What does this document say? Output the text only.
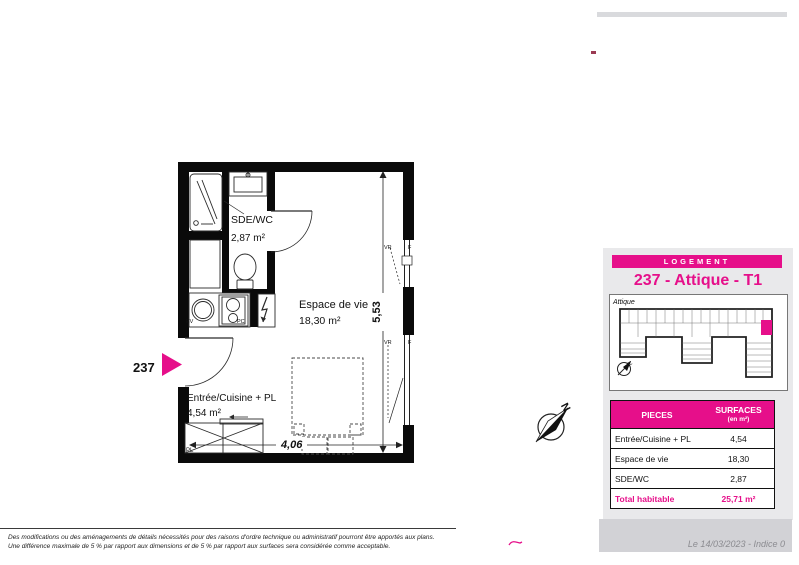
EV	PC
PL
VR	F
VR	F
SDE/WC
2,87 m²
Espace de vie
18,30 m²
Entrée/Cuisine + PL
4,54 m²
5,53
4,06
237
N
LOGEMENT
237 - Attique - T1
Attique
N
PIECES	SURFACES
(en m²)
Entrée/Cuisine + PL	4,54
Espace de vie	18,30
SDE/WC	2,87
Total habitable	25,71 m²
Des modifications ou des aménagements de détails nécessités pour des raisons d'ordre technique ou administratif pourront être apportés aux plans.
Une différence maximale de 5 % par rapport aux dimensions et de 5 % par rapport aux surfaces sera considérée comme acceptable.	Le 14/03/2023 - Indice 0
